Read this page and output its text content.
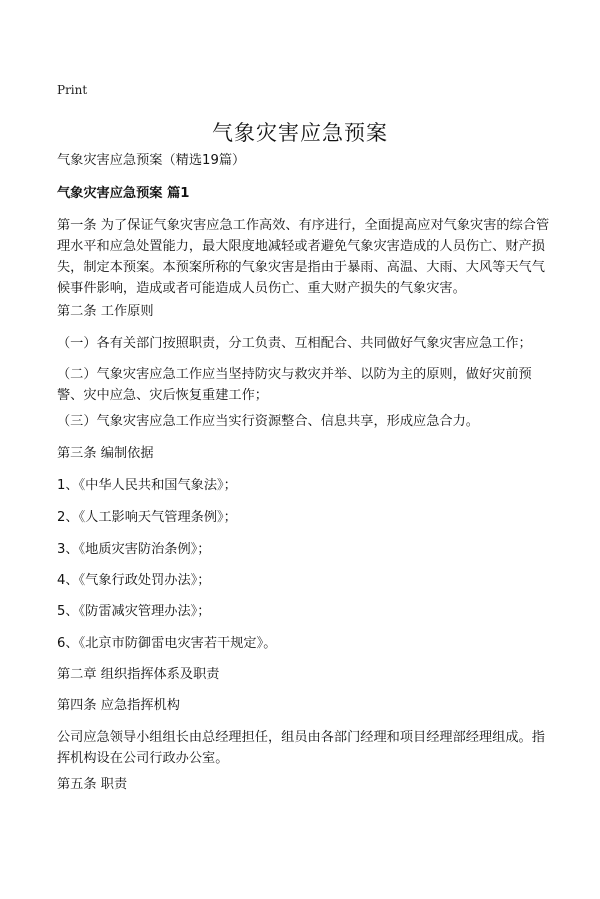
Print
气象灾害应急预案
气象灾害应急预案（精选19篇）
气象灾害应急预案 篇1
第一条 为了保证气象灾害应急工作高效、有序进行，全面提高应对气象灾害的综合管理水平和应急处置能力，最大限度地减轻或者避免气象灾害造成的人员伤亡、财产损失，制定本预案。本预案所称的气象灾害是指由于暴雨、高温、大雨、大风等天气气候事件影响，造成或者可能造成人员伤亡、重大财产损失的气象灾害。
第二条 工作原则
（一）各有关部门按照职责，分工负责、互相配合、共同做好气象灾害应急工作；
（二）气象灾害应急工作应当坚持防灾与救灾并举、以防为主的原则，做好灾前预警、灾中应急、灾后恢复重建工作；
（三）气象灾害应急工作应当实行资源整合、信息共享，形成应急合力。
第三条 编制依据
1、《中华人民共和国气象法》；
2、《人工影响天气管理条例》；
3、《地质灾害防治条例》；
4、《气象行政处罚办法》；
5、《防雷减灾管理办法》；
6、《北京市防御雷电灾害若干规定》。
第二章 组织指挥体系及职责
第四条 应急指挥机构
公司应急领导小组组长由总经理担任，组员由各部门经理和项目经理部经理组成。指挥机构设在公司行政办公室。
第五条 职责
